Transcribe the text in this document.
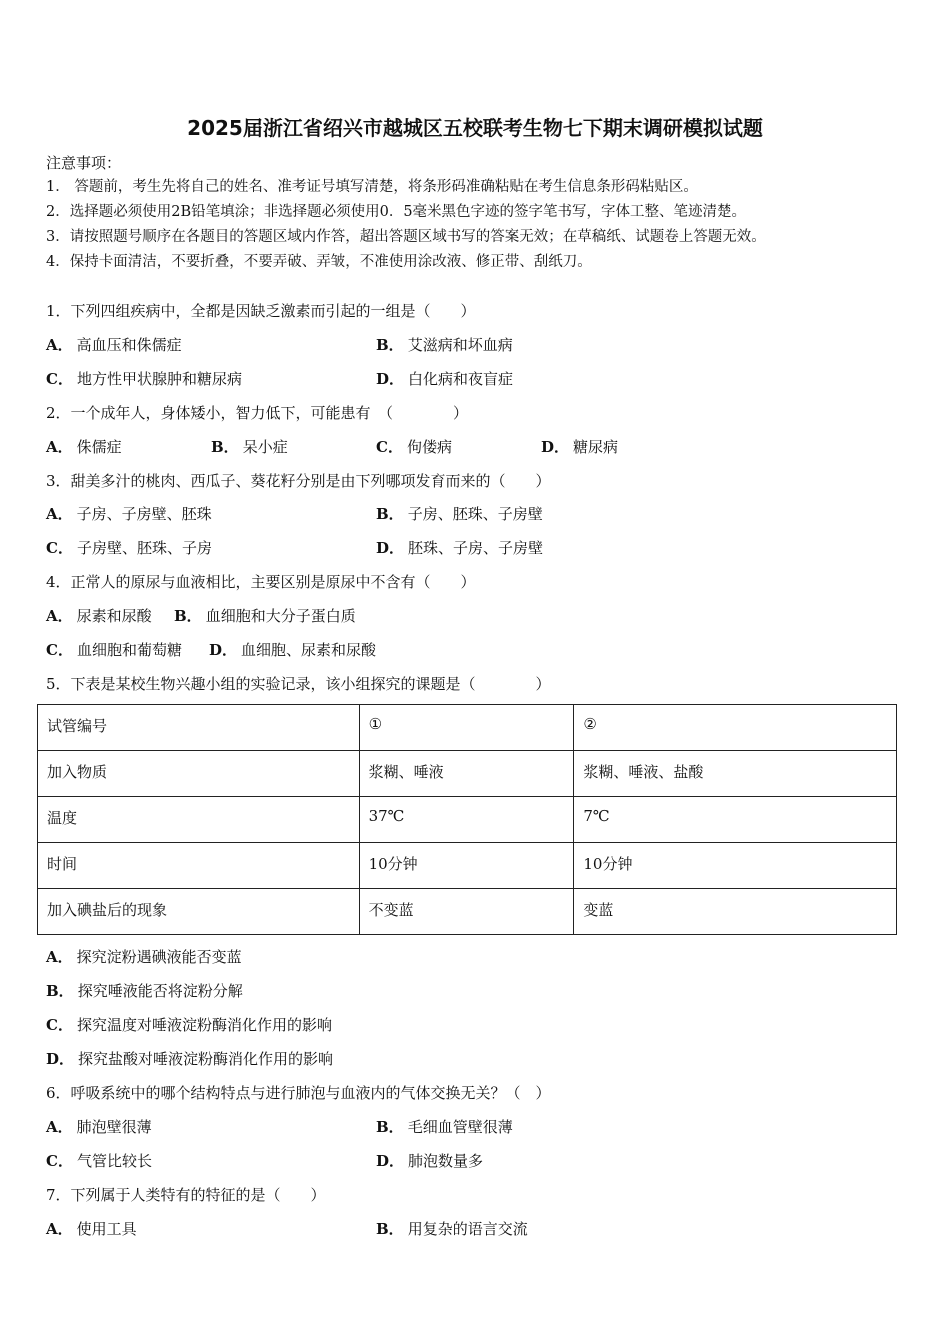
2025届浙江省绍兴市越城区五校联考生物七下期末调研模拟试题
注意事项：
1． 答题前，考生先将自己的姓名、准考证号填写清楚，将条形码准确粘贴在考生信息条形码粘贴区。
2．选择题必须使用2B铅笔填涂；非选择题必须使用0．5毫米黑色字迹的签字笔书写，字体工整、笔迹清楚。
3．请按照题号顺序在各题目的答题区域内作答，超出答题区域书写的答案无效；在草稿纸、试题卷上答题无效。
4．保持卡面清洁，不要折叠，不要弄破、弄皱，不准使用涂改液、修正带、刮纸刀。
1．下列四组疾病中，全都是因缺乏激素而引起的一组是（　　）
A． 高血压和侏儒症	B． 艾滋病和坏血病
C． 地方性甲状腺肿和糖尿病	D． 白化病和夜盲症
2．一个成年人，身体矮小，智力低下，可能患有　（　　　　）
A． 侏儒症	B． 呆小症	C． 佝偻病	D． 糖尿病
3．甜美多汁的桃肉、西瓜子、葵花籽分别是由下列哪项发育而来的（　　）
A． 子房、子房壁、胚珠	B． 子房、胚珠、子房壁
C． 子房壁、胚珠、子房	D． 胚珠、子房、子房壁
4．正常人的原尿与血液相比，主要区别是原尿中不含有（　　）
A． 尿素和尿酸 B． 血细胞和大分子蛋白质
C． 血细胞和葡萄糖 D． 血细胞、尿素和尿酸
5．下表是某校生物兴趣小组的实验记录，该小组探究的课题是（　　　　）
试管编号	①	②
加入物质	浆糊、唾液	浆糊、唾液、盐酸
温度	37℃	7℃
时间	10分钟	10分钟
加入碘盐后的现象	不变蓝	变蓝
A． 探究淀粉遇碘液能否变蓝
B． 探究唾液能否将淀粉分解
C． 探究温度对唾液淀粉酶消化作用的影响
D． 探究盐酸对唾液淀粉酶消化作用的影响
6．呼吸系统中的哪个结构特点与进行肺泡与血液内的气体交换无关？（　）
A． 肺泡壁很薄	B． 毛细血管壁很薄
C． 气管比较长	D． 肺泡数量多
7．下列属于人类特有的特征的是（　　）
A． 使用工具	B． 用复杂的语言交流
